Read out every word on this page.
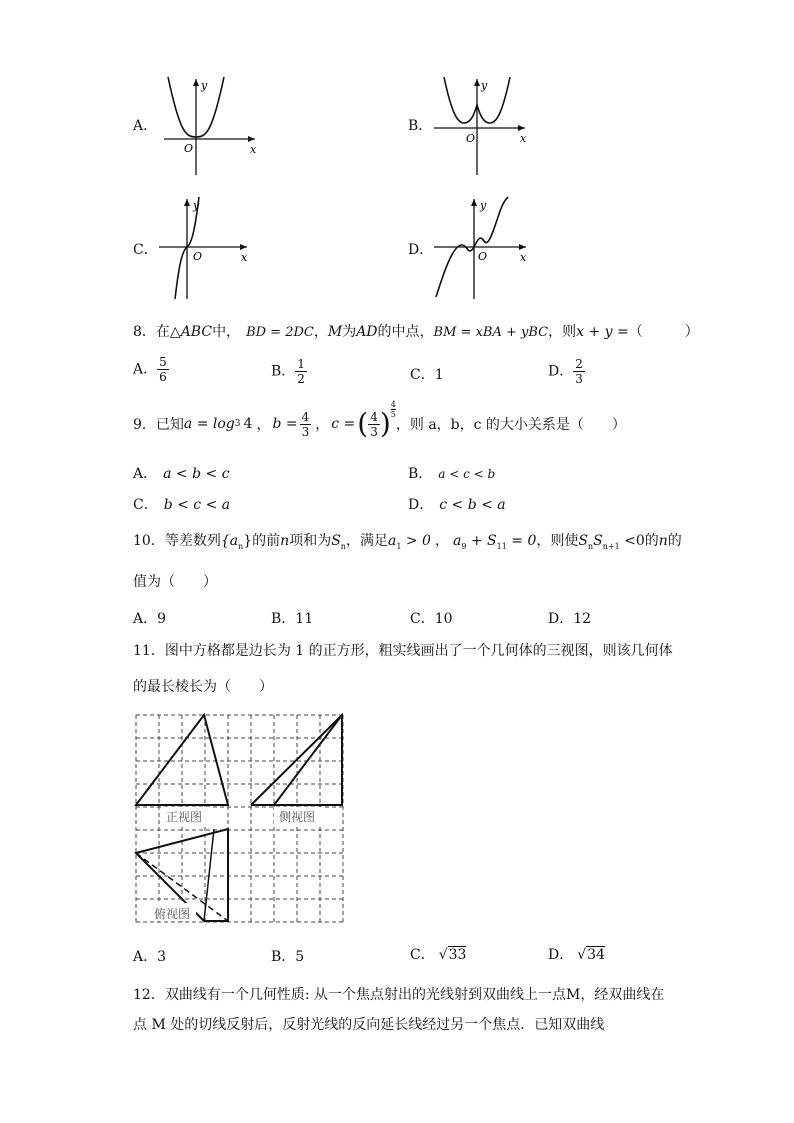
A．
y
x
O
B．
y
x
O
C．
y
x
O	D．
y
x
O
8．在△ABC中， BD = 2DC，M为AD的中点，BM = xBA + yBC，则x + y =（　　　）
A． $\frac{5}{6}$	B． $\frac{1}{2}$	C．1	D． $\frac{2}{3}$
9．已知 a = log 3 4 ， $b = \frac{4}{3}$ ， c = ( $\frac{4}{3}$ )
4
5
，则 a，b，c 的大小关系是（　　）
A． a < b < c	B． a < c < b
C． b < c < a	D． c < b < a
10．等差数列$\{a_n\}$的前n项和为$S_n$，满足$a_1 > 0$ ， $a_9 + S_{11} = 0$，则使$S_nS_{n+1} <0$的n的
值为（　　）
A．9	B．11	C．10	D．12
11．图中方格都是边长为 1 的正方形，粗实线画出了一个几何体的三视图，则该几何体
的最长棱长为（　　）
正视图	侧视图
俯视图
A．3	B．5	C． √33	D． √34
12．双曲线有一个几何性质: 从一个焦点射出的光线射到双曲线上一点M，经双曲线在
点 M 处的切线反射后，反射光线的反向延长线经过另一个焦点．已知双曲线
